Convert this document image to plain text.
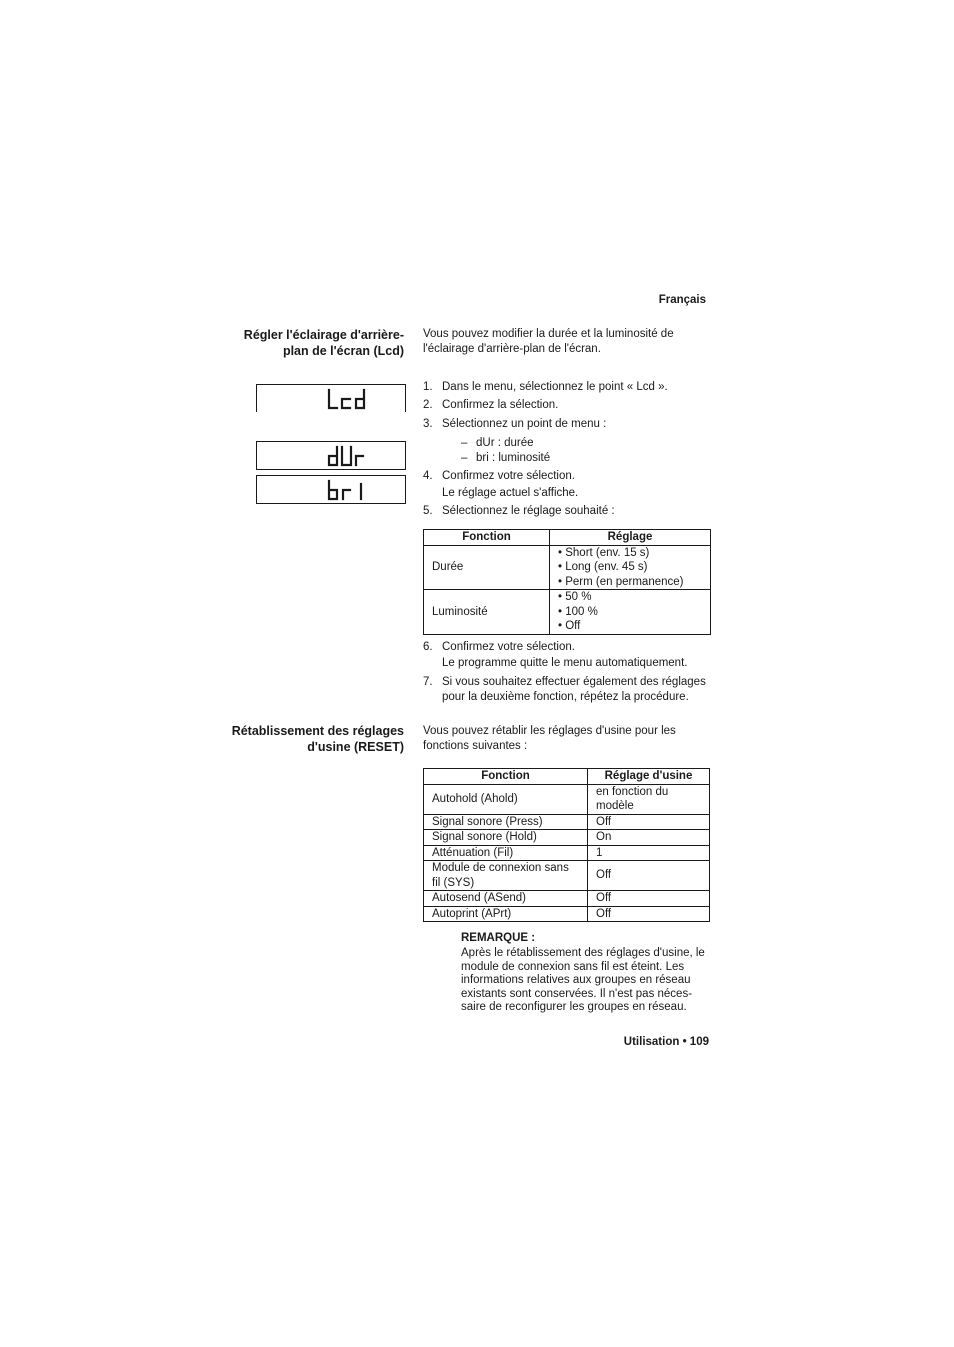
Français
Régler l'éclairage d'arrière-plan de l'écran (Lcd)
Vous pouvez modifier la durée et la luminosité de l'éclairage d'arrière-plan de l'écran.
1. Dans le menu, sélectionnez le point « Lcd ».
2. Confirmez la sélection.
3. Sélectionnez un point de menu :
– dUr : durée
– bri : luminosité
4. Confirmez votre sélection.
Le réglage actuel s'affiche.
5. Sélectionnez le réglage souhaité :
Fonction	Réglage
Durée	• Short (env. 15 s)
• Long (env. 45 s)
• Perm (en permanence)

Luminosité	• 50 %
• 100 %
• Off
6. Confirmez votre sélection.
Le programme quitte le menu automatiquement.
7. Si vous souhaitez effectuer également des réglages pour la deuxième fonction, répétez la procédure.
Rétablissement des réglages d'usine (RESET)
Vous pouvez rétablir les réglages d'usine pour les fonctions suivantes :
Fonction	Réglage d'usine
Autohold (Ahold)	en fonction du modèle
Signal sonore (Press)	Off
Signal sonore (Hold)	On
Atténuation (Fil)	1
Module de connexion sans fil (SYS)	Off
Autosend (ASend)	Off
Autoprint (APrt)	Off
REMARQUE :
Après le rétablissement des réglages d'usine, le module de connexion sans fil est éteint. Les informations relatives aux groupes en réseau existants sont conservées. Il n'est pas néces-saire de reconfigurer les groupes en réseau.
Utilisation • 109
